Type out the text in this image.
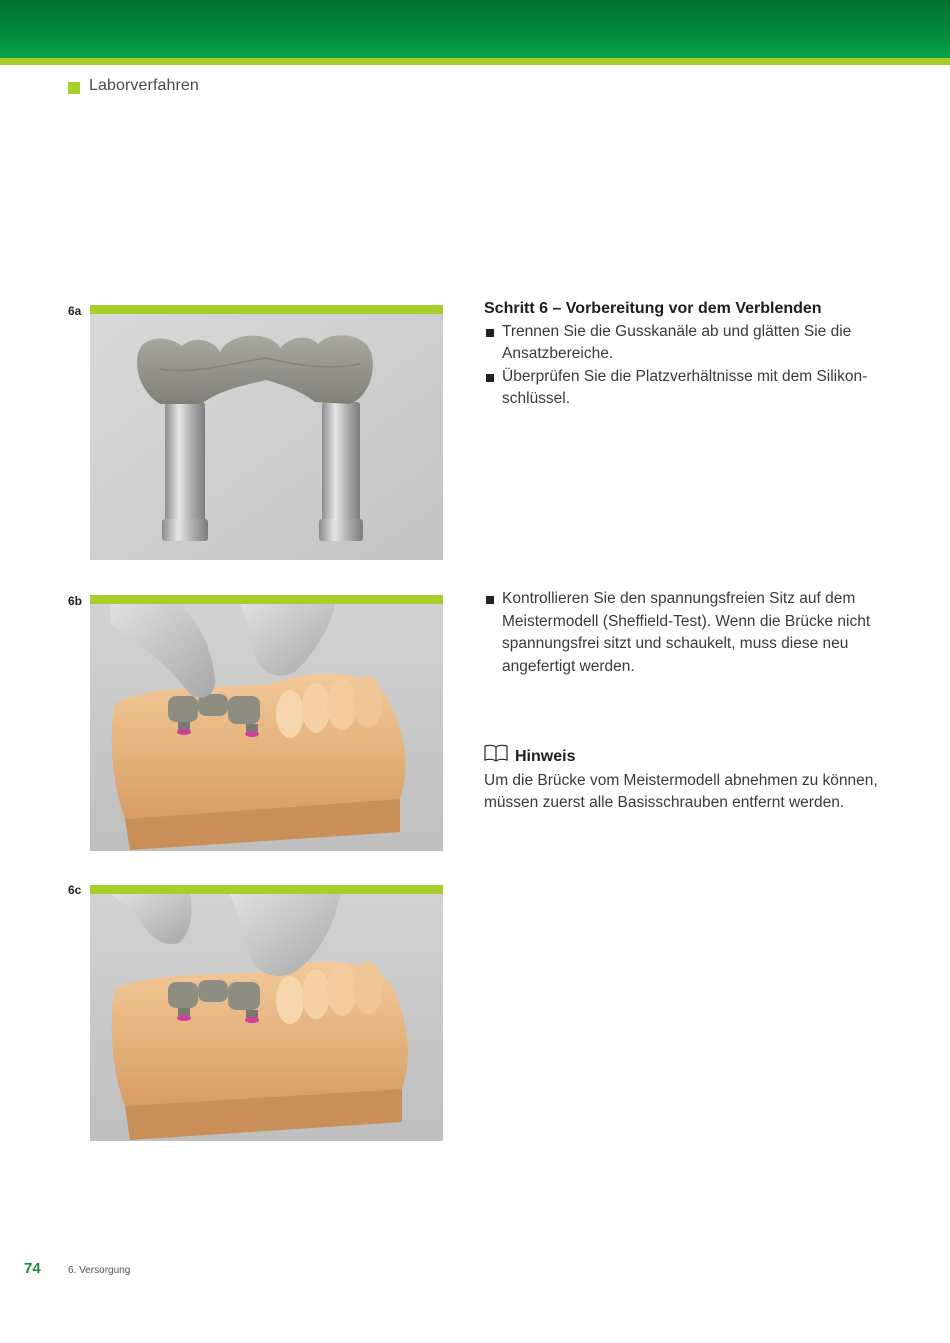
Laborverfahren
6a
6b
6c
Schritt 6 – Vorbereitung vor dem Verblenden
Trennen Sie die Gusskanäle ab und glätten Sie die Ansatzbereiche.
Überprüfen Sie die Platzverhältnisse mit dem Silikon-schlüssel.
Kontrollieren Sie den spannungsfreien Sitz auf dem Meistermodell (Sheffield-Test). Wenn die Brücke nicht spannungsfrei sitzt und schaukelt, muss diese neu angefertigt werden.
Hinweis

Um die Brücke vom Meistermodell abnehmen zu können, müssen zuerst alle Basisschrauben entfernt werden.

74	6. Versorgung
